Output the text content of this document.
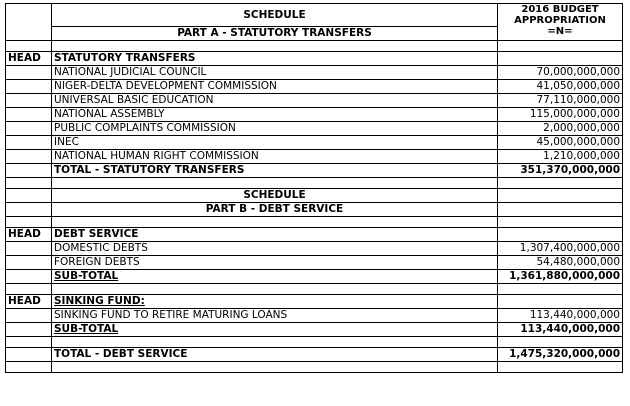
	SCHEDULE	2016 BUDGET
APPROPRIATION
=N=

	PART A - STATUTORY TRANSFERS	

HEAD	STATUTORY TRANSFERS	
	NATIONAL JUDICIAL COUNCIL	70,000,000,000
	NIGER-DELTA DEVELOPMENT COMMISSION	41,050,000,000
	UNIVERSAL BASIC EDUCATION	77,110,000,000
	NATIONAL ASSEMBLY	115,000,000,000
	PUBLIC COMPLAINTS COMMISSION	2,000,000,000
	INEC	45,000,000,000
	NATIONAL HUMAN RIGHT COMMISSION	1,210,000,000
	TOTAL - STATUTORY TRANSFERS	351,370,000,000

	SCHEDULE	
	PART B - DEBT SERVICE	

HEAD	DEBT SERVICE	
	DOMESTIC DEBTS	1,307,400,000,000
	FOREIGN DEBTS	54,480,000,000
	SUB-TOTAL	1,361,880,000,000

HEAD	SINKING FUND:	
	SINKING FUND TO RETIRE MATURING LOANS	113,440,000,000
	SUB-TOTAL	113,440,000,000

	TOTAL - DEBT SERVICE	1,475,320,000,000
